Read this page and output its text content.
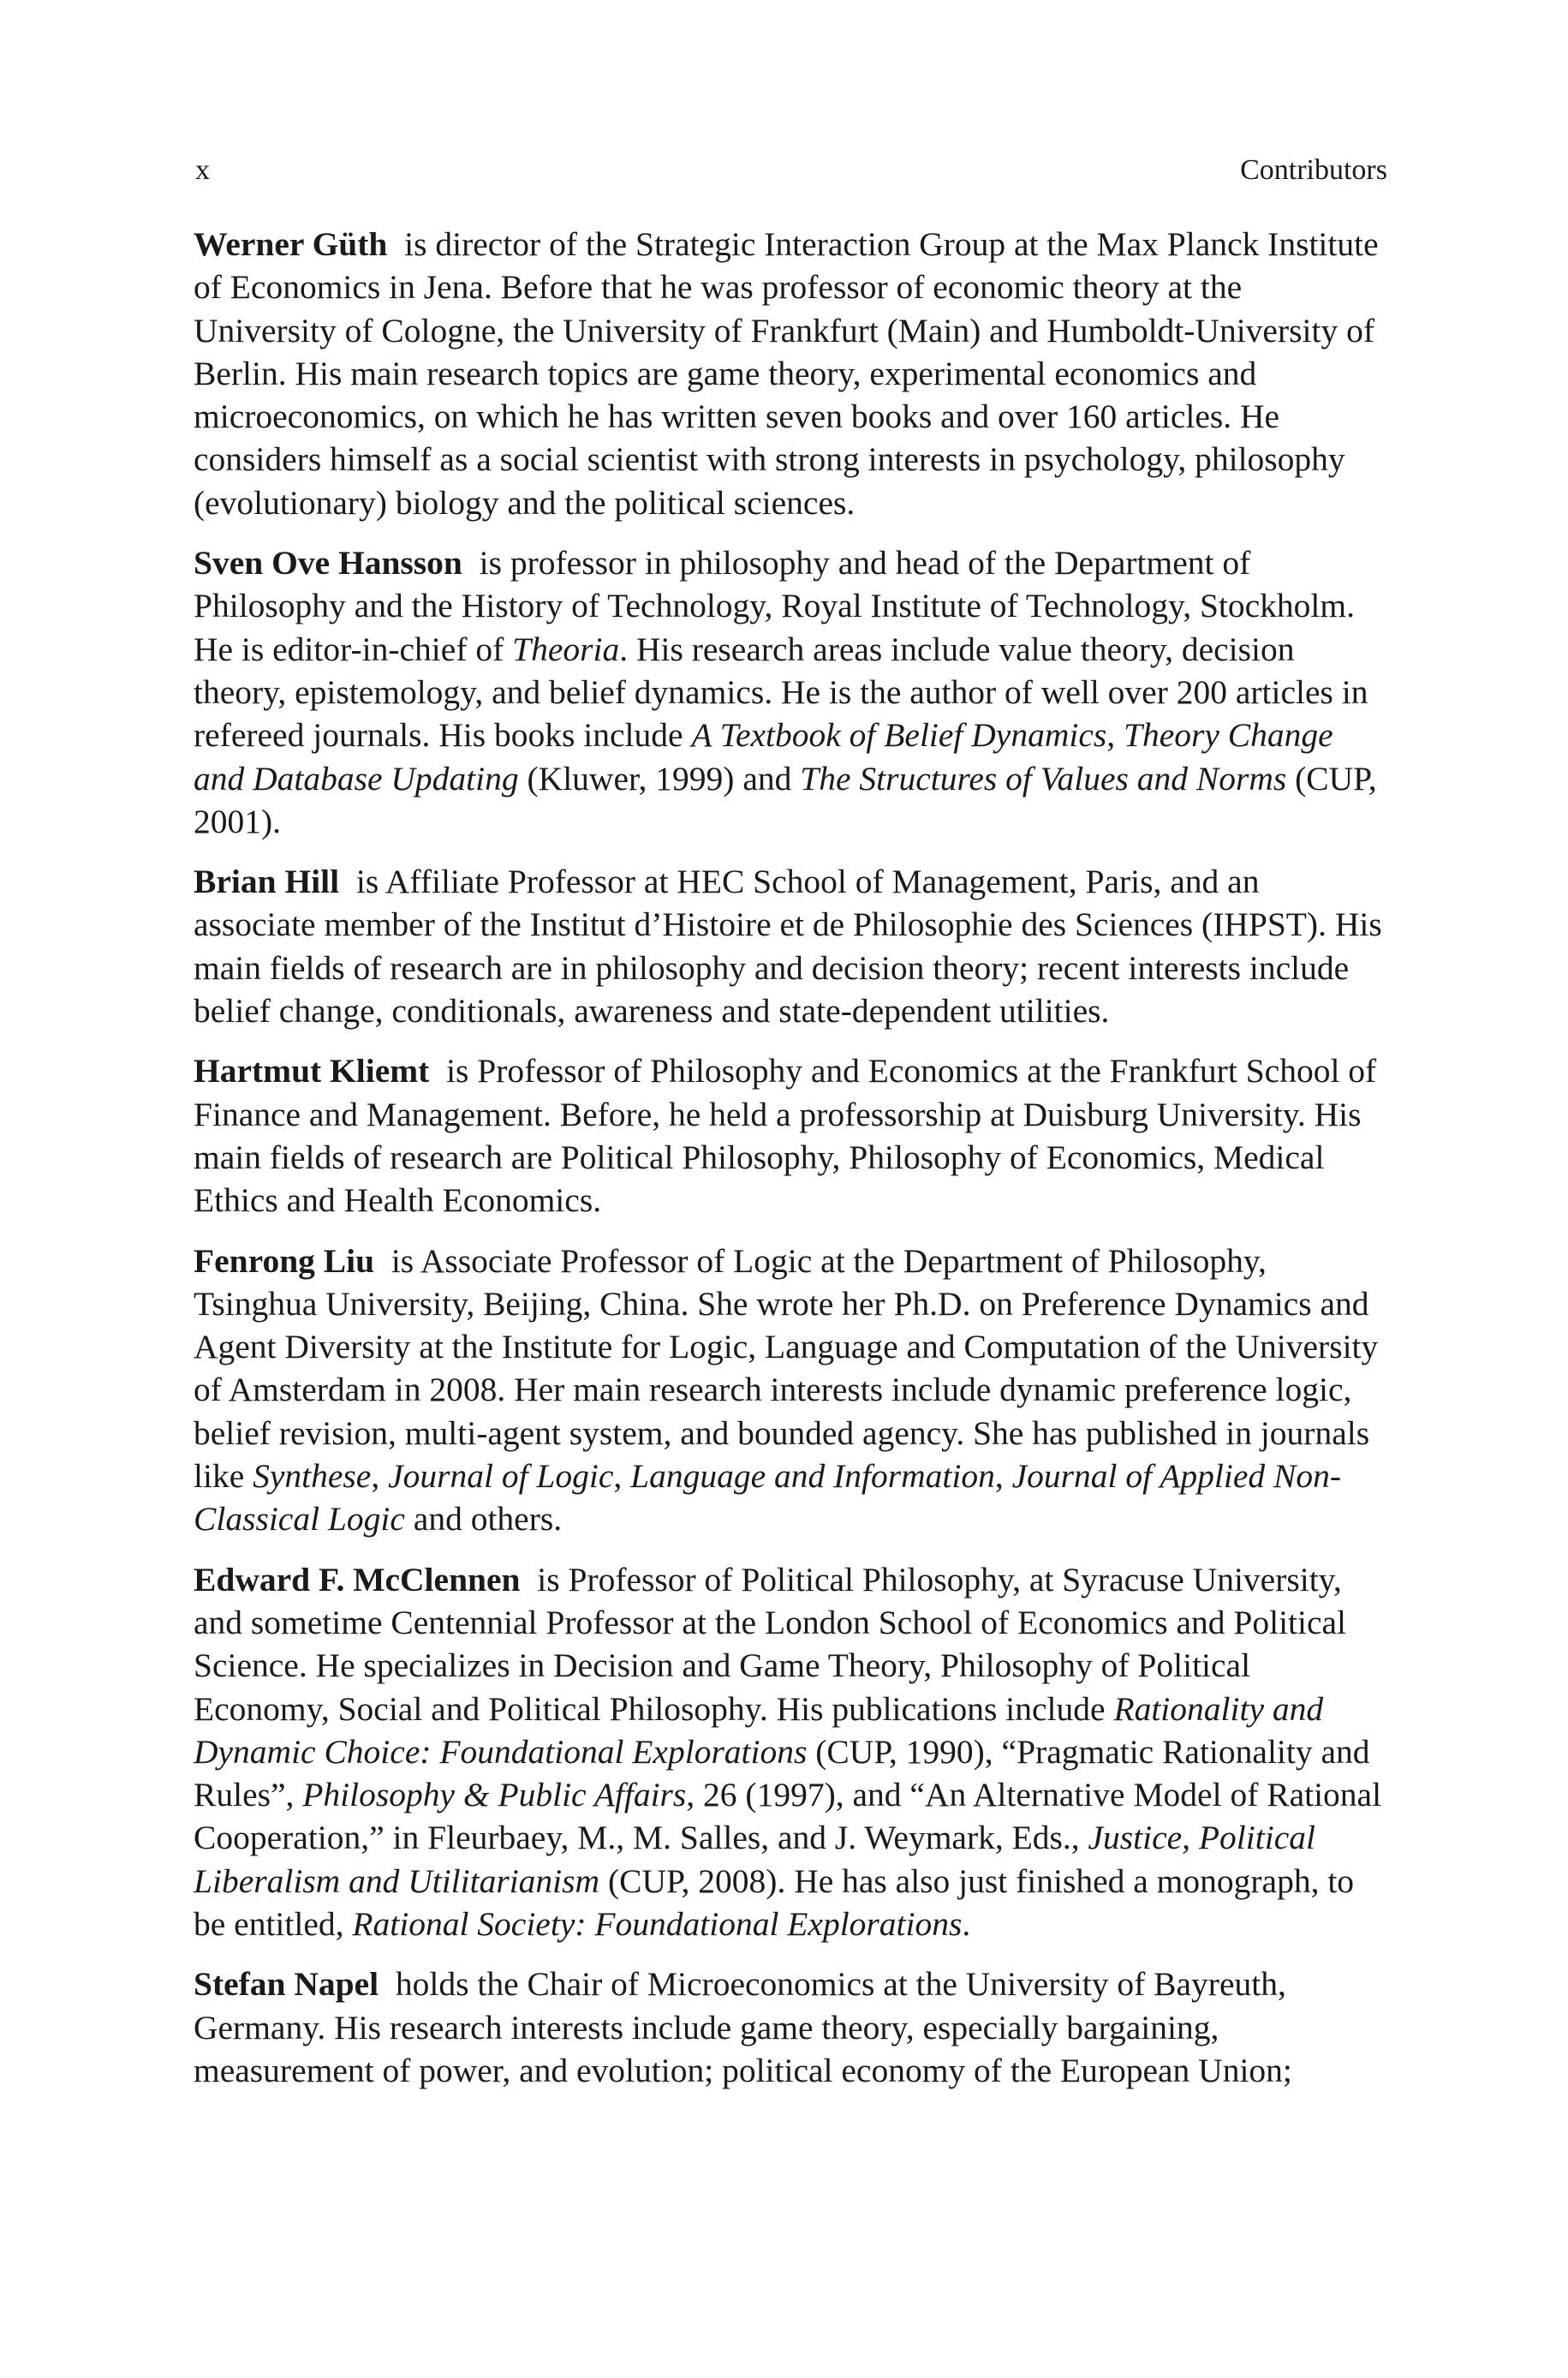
x	Contributors

Werner Güth is director of the Strategic Interaction Group at the Max Planck Institute of Economics in Jena. Before that he was professor of economic theory at the University of Cologne, the University of Frankfurt (Main) and Humboldt-University of Berlin. His main research topics are game theory, experimental economics and microeconomics, on which he has written seven books and over 160 articles. He considers himself as a social scientist with strong interests in psychology, philosophy (evolutionary) biology and the political sciences.

Sven Ove Hansson is professor in philosophy and head of the Department of Philosophy and the History of Technology, Royal Institute of Technology, Stockholm. He is editor-in-chief of Theoria. His research areas include value theory, decision theory, epistemology, and belief dynamics. He is the author of well over 200 articles in refereed journals. His books include A Textbook of Belief Dynamics, Theory Change and Database Updating (Kluwer, 1999) and The Structures of Values and Norms (CUP, 2001).

Brian Hill is Affiliate Professor at HEC School of Management, Paris, and an associate member of the Institut d’Histoire et de Philosophie des Sciences (IHPST). His main fields of research are in philosophy and decision theory; recent interests include belief change, conditionals, awareness and state-dependent utilities.

Hartmut Kliemt is Professor of Philosophy and Economics at the Frankfurt School of Finance and Management. Before, he held a professorship at Duisburg University. His main fields of research are Political Philosophy, Philosophy of Economics, Medical Ethics and Health Economics.

Fenrong Liu is Associate Professor of Logic at the Department of Philosophy, Tsinghua University, Beijing, China. She wrote her Ph.D. on Preference Dynamics and Agent Diversity at the Institute for Logic, Language and Computation of the University of Amsterdam in 2008. Her main research interests include dynamic preference logic, belief revision, multi-agent system, and bounded agency. She has published in journals like Synthese, Journal of Logic, Language and Information, Journal of Applied Non-Classical Logic and others.

Edward F. McClennen is Professor of Political Philosophy, at Syracuse University, and sometime Centennial Professor at the London School of Economics and Political Science. He specializes in Decision and Game Theory, Philosophy of Political Economy, Social and Political Philosophy. His publications include Rationality and Dynamic Choice: Foundational Explorations (CUP, 1990), “Pragmatic Rationality and Rules”, Philosophy & Public Affairs, 26 (1997), and “An Alternative Model of Rational Cooperation,” in Fleurbaey, M., M. Salles, and J. Weymark, Eds., Justice, Political Liberalism and Utilitarianism (CUP, 2008). He has also just finished a monograph, to be entitled, Rational Society: Foundational Explorations.

Stefan Napel holds the Chair of Microeconomics at the University of Bayreuth, Germany. His research interests include game theory, especially bargaining, measurement of power, and evolution; political economy of the European Union;
